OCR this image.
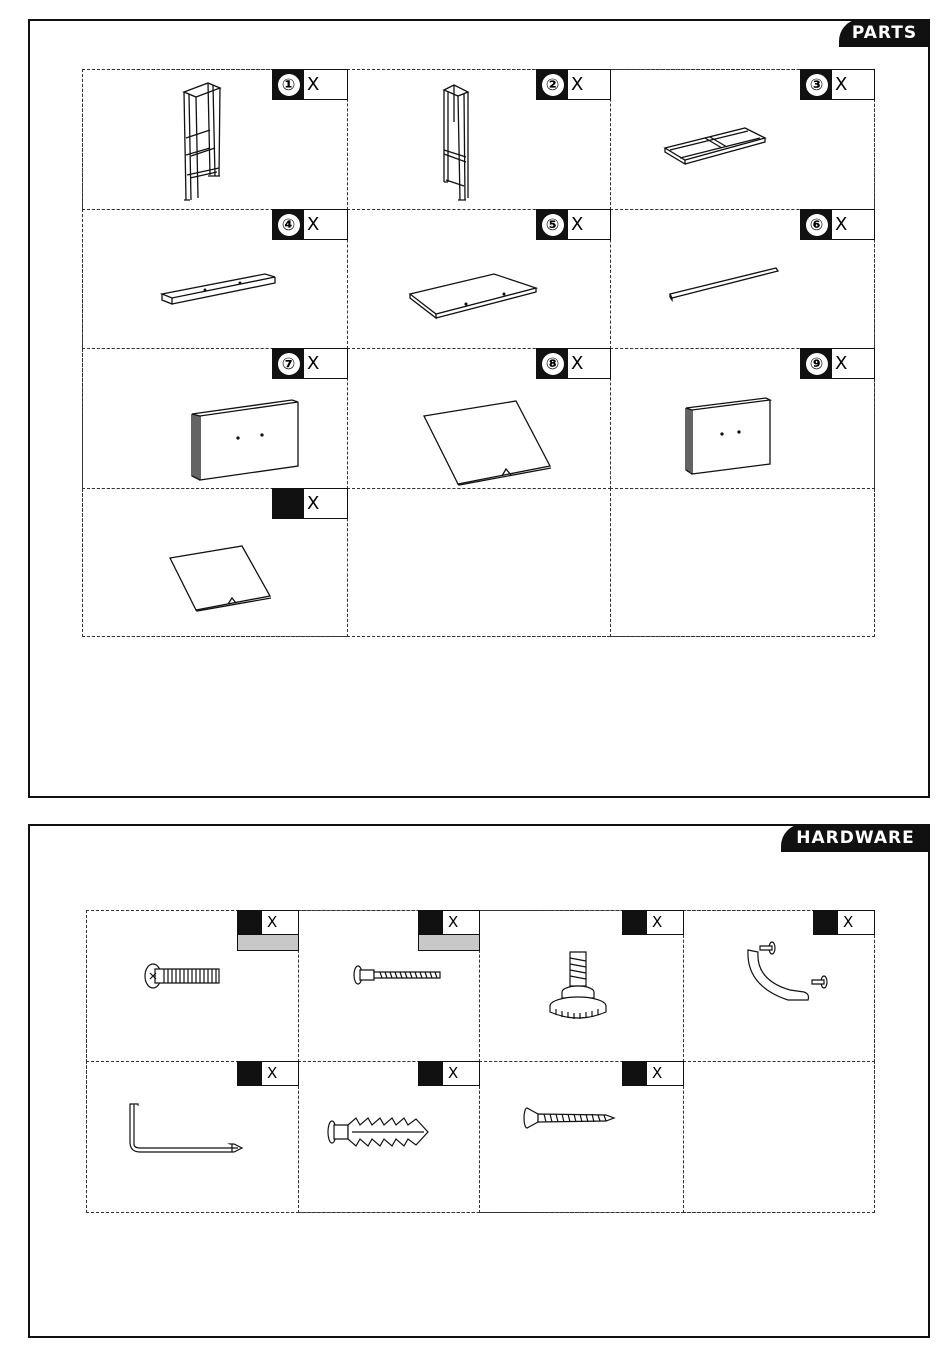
PARTS
① X	② X	③ X
④ X	⑤ X	⑥ X
⑦ X	⑧ X	⑨ X
X
HARDWARE
X	X	X	X
X	X	X
